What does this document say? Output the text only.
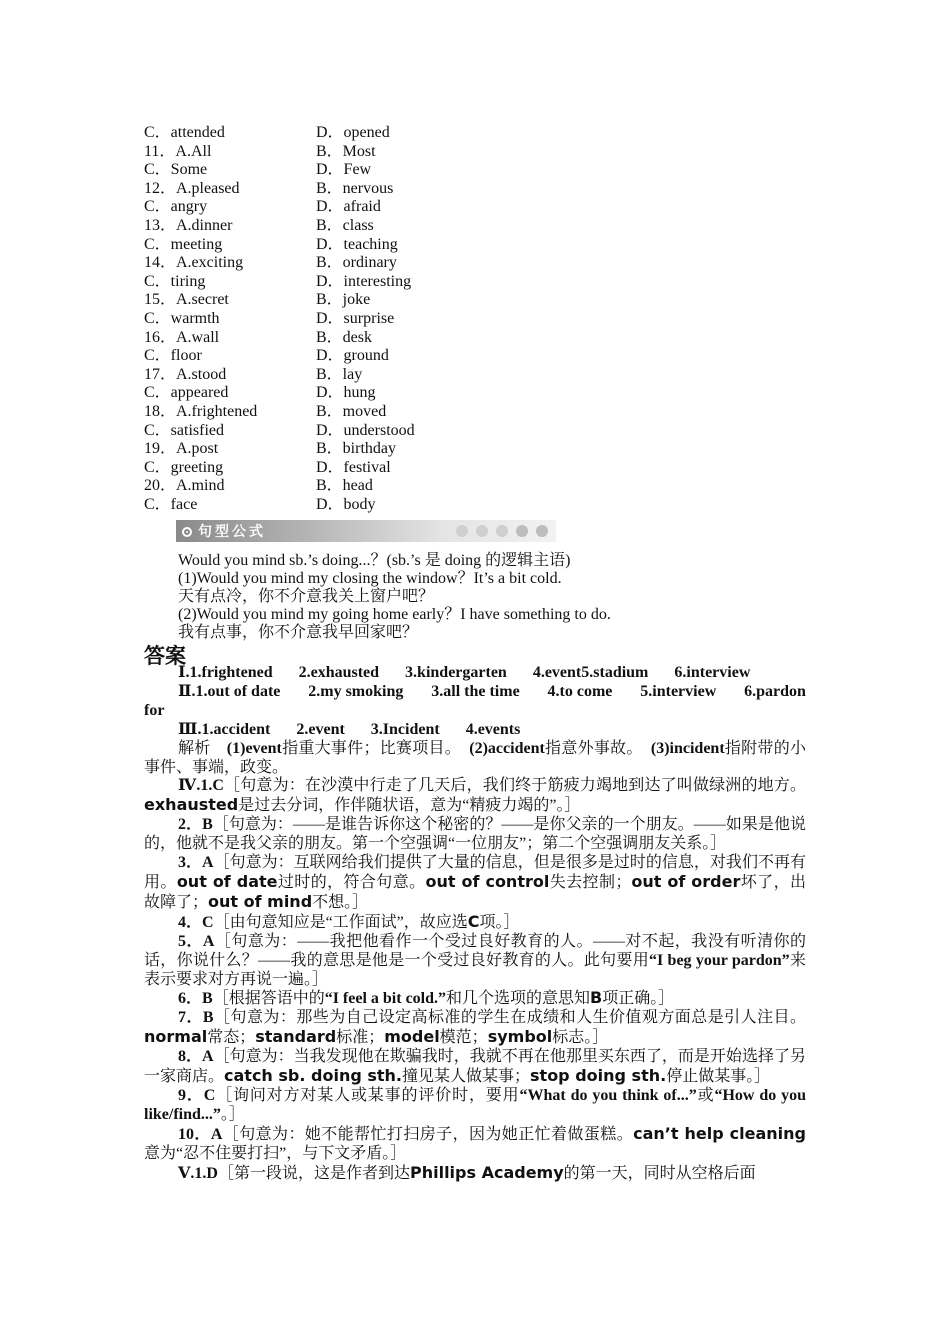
C．attended	D．opened
11．A.All	B．Most
C．Some	D．Few
12．A.pleased	B．nervous
C．angry	D．afraid
13．A.dinner	B．class
C．meeting	D．teaching
14．A.exciting	B．ordinary
C．tiring	D．interesting
15．A.secret	B．joke
C．warmth	D．surprise
16．A.wall	B．desk
C．floor	D．ground
17．A.stood	B．lay
C．appeared	D．hung
18．A.frightened	B．moved
C．satisfied	D．understood
19．A.post	B．birthday
C．greeting	D．festival
20．A.mind	B．head
C．face	D．body
句型公式
Would you mind sb.’s doing...？(sb.’s 是 doing 的逻辑主语)
(1)Would you mind my closing the window？It’s a bit cold.
天有点冷，你不介意我关上窗户吧？
(2)Would you mind my going home early？I have something to do.
我有点事，你不介意我早回家吧？
答案

Ⅰ.1.frightened 2.exhausted 3.kindergarten 4.event5.stadium 6.interview

Ⅱ.1.out of date 2.my smoking 3.all the time 4.to come 5.interview 6.pardon

for

Ⅲ.1.accident 2.event 3.Incident 4.events

解析　 (1)event指重大事件；比赛项目。　 (2)accident指意外事故。　 (3)incident指附带的小事件、事端，政变。

Ⅳ.1.C［句意为：在沙漠中行走了几天后，我们终于筋疲力竭地到达了叫做绿洲的地方。exhausted是过去分词，作伴随状语，意为“精疲力竭的”。］

2．B［句意为：——是谁告诉你这个秘密的？——是你父亲的一个朋友。——如果是他说的，他就不是我父亲的朋友。第一个空强调“一位朋友”；第二个空强调朋友关系。］

3．A［句意为：互联网给我们提供了大量的信息，但是很多是过时的信息，对我们不再有用。out of date过时的，符合句意。out of control失去控制；out of order坏了，出故障了；out of mind不想。］

4．C［由句意知应是“工作面试”，故应选C项。］

5．A［句意为：——我把他看作一个受过良好教育的人。——对不起，我没有听清你的话，你说什么？——我的意思是他是一个受过良好教育的人。此句要用“I beg your pardon”来表示要求对方再说一遍。］

6．B［根据答语中的“I feel a bit cold.”和几个选项的意思知B项正确。］

7．B［句意为：那些为自己设定高标准的学生在成绩和人生价值观方面总是引人注目。normal常态；standard标准；model模范；symbol标志。］

8．A［句意为：当我发现他在欺骗我时，我就不再在他那里买东西了，而是开始选择了另一家商店。catch sb. doing sth.撞见某人做某事；stop doing sth.停止做某事。］

9．C［询问对方对某人或某事的评价时，要用“What do you think of...”或“How do you like/find...”。］

10．A［句意为：她不能帮忙打扫房子，因为她正忙着做蛋糕。can’t help cleaning意为“忍不住要打扫”，与下文矛盾。］

Ⅴ.1.D［第一段说，这是作者到达Phillips Academy的第一天，同时从空格后面
